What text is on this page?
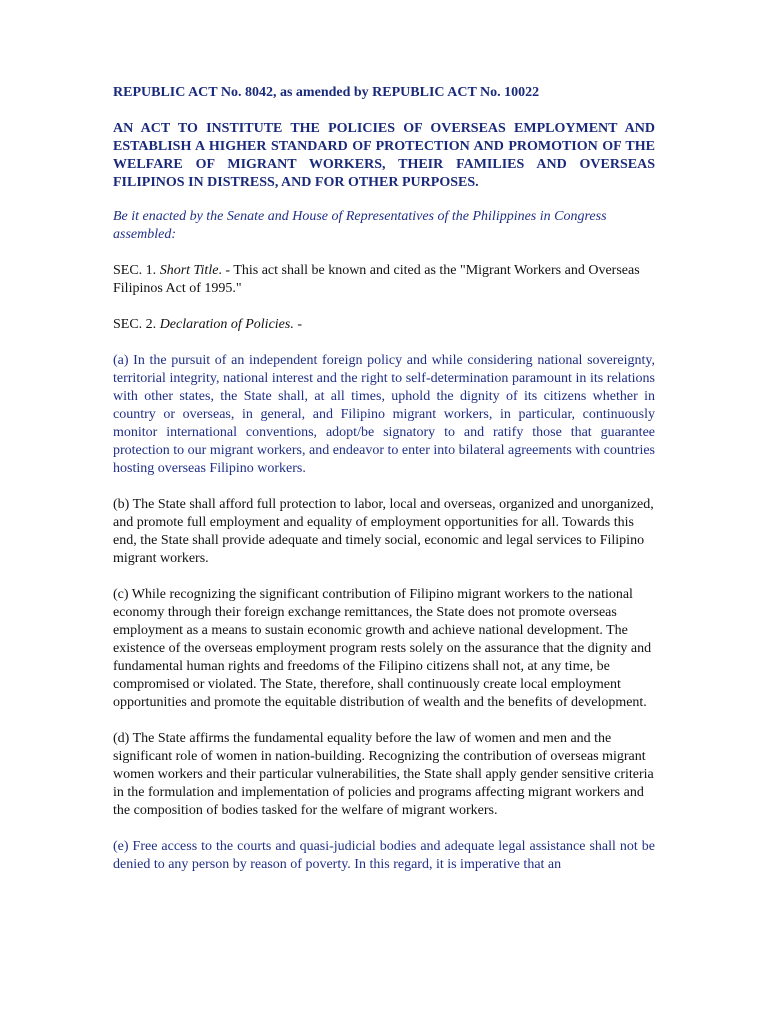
REPUBLIC ACT No. 8042, as amended by REPUBLIC ACT No. 10022

AN ACT TO INSTITUTE THE POLICIES OF OVERSEAS EMPLOYMENT AND ESTABLISH A HIGHER STANDARD OF PROTECTION AND PROMOTION OF THE WELFARE OF MIGRANT WORKERS, THEIR FAMILIES AND OVERSEAS FILIPINOS IN DISTRESS, AND FOR OTHER PURPOSES.

Be it enacted by the Senate and House of Representatives of the Philippines in Congress assembled:

SEC. 1. Short Title. - This act shall be known and cited as the "Migrant Workers and Overseas Filipinos Act of 1995."

SEC. 2. Declaration of Policies. -

(a) In the pursuit of an independent foreign policy and while considering national sovereignty, territorial integrity, national interest and the right to self-determination paramount in its relations with other states, the State shall, at all times, uphold the dignity of its citizens whether in country or overseas, in general, and Filipino migrant workers, in particular, continuously monitor international conventions, adopt/be signatory to and ratify those that guarantee protection to our migrant workers, and endeavor to enter into bilateral agreements with countries hosting overseas Filipino workers.

(b) The State shall afford full protection to labor, local and overseas, organized and unorganized, and promote full employment and equality of employment opportunities for all. Towards this end, the State shall provide adequate and timely social, economic and legal services to Filipino migrant workers.

(c) While recognizing the significant contribution of Filipino migrant workers to the national economy through their foreign exchange remittances, the State does not promote overseas employment as a means to sustain economic growth and achieve national development. The existence of the overseas employment program rests solely on the assurance that the dignity and fundamental human rights and freedoms of the Filipino citizens shall not, at any time, be compromised or violated. The State, therefore, shall continuously create local employment opportunities and promote the equitable distribution of wealth and the benefits of development.

(d) The State affirms the fundamental equality before the law of women and men and the significant role of women in nation-building. Recognizing the contribution of overseas migrant women workers and their particular vulnerabilities, the State shall apply gender sensitive criteria in the formulation and implementation of policies and programs affecting migrant workers and the composition of bodies tasked for the welfare of migrant workers.

(e) Free access to the courts and quasi-judicial bodies and adequate legal assistance shall not be denied to any person by reason of poverty. In this regard, it is imperative that an
